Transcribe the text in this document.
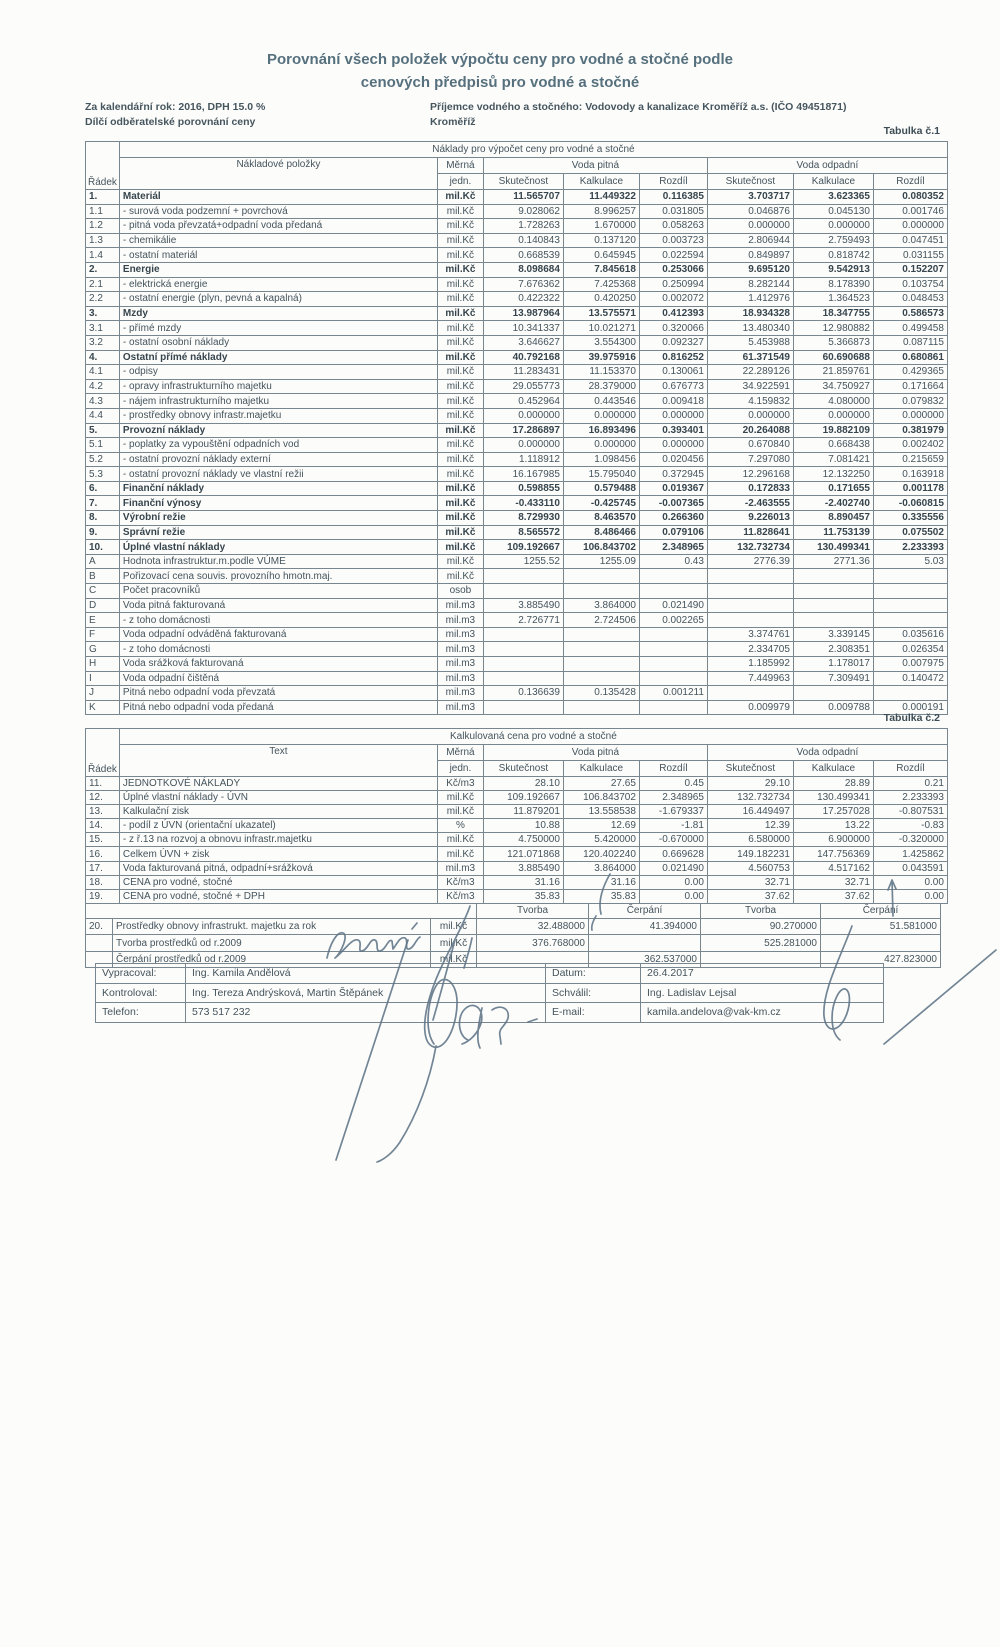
Porovnání všech položek výpočtu ceny pro vodné a stočné podle
cenových předpisů pro vodné a stočné
Za kalendářní rok: 2016, DPH 15.0 %
Dílčí odběratelské porovnání ceny
Příjemce vodného a stočného: Vodovody a kanalizace Kroměříž a.s. (IČO 49451871)
Kroměříž
Tabulka č.1
Řádek	Náklady pro výpočet ceny pro vodné a stočné							
	Nákladové položky	Měrná	Voda pitná			Voda odpadní		
		jedn.	Skutečnost	Kalkulace	Rozdíl	Skutečnost	Kalkulace	Rozdíl
1.	Materiál	mil.Kč	11.565707	11.449322	0.116385	3.703717	3.623365	0.080352
1.1	- surová voda podzemní + povrchová	mil.Kč	9.028062	8.996257	0.031805	0.046876	0.045130	0.001746
1.2	- pitná voda převzatá+odpadní voda předaná	mil.Kč	1.728263	1.670000	0.058263	0.000000	0.000000	0.000000
1.3	- chemikálie	mil.Kč	0.140843	0.137120	0.003723	2.806944	2.759493	0.047451
1.4	- ostatní materiál	mil.Kč	0.668539	0.645945	0.022594	0.849897	0.818742	0.031155
2.	Energie	mil.Kč	8.098684	7.845618	0.253066	9.695120	9.542913	0.152207
2.1	- elektrická energie	mil.Kč	7.676362	7.425368	0.250994	8.282144	8.178390	0.103754
2.2	- ostatní energie (plyn, pevná a kapalná)	mil.Kč	0.422322	0.420250	0.002072	1.412976	1.364523	0.048453
3.	Mzdy	mil.Kč	13.987964	13.575571	0.412393	18.934328	18.347755	0.586573
3.1	- přímé mzdy	mil.Kč	10.341337	10.021271	0.320066	13.480340	12.980882	0.499458
3.2	- ostatní osobní náklady	mil.Kč	3.646627	3.554300	0.092327	5.453988	5.366873	0.087115
4.	Ostatní přímé náklady	mil.Kč	40.792168	39.975916	0.816252	61.371549	60.690688	0.680861
4.1	- odpisy	mil.Kč	11.283431	11.153370	0.130061	22.289126	21.859761	0.429365
4.2	- opravy infrastrukturního majetku	mil.Kč	29.055773	28.379000	0.676773	34.922591	34.750927	0.171664
4.3	- nájem infrastrukturního majetku	mil.Kč	0.452964	0.443546	0.009418	4.159832	4.080000	0.079832
4.4	- prostředky obnovy infrastr.majetku	mil.Kč	0.000000	0.000000	0.000000	0.000000	0.000000	0.000000
5.	Provozní náklady	mil.Kč	17.286897	16.893496	0.393401	20.264088	19.882109	0.381979
5.1	- poplatky za vypouštění odpadních vod	mil.Kč	0.000000	0.000000	0.000000	0.670840	0.668438	0.002402
5.2	- ostatní provozní náklady externí	mil.Kč	1.118912	1.098456	0.020456	7.297080	7.081421	0.215659
5.3	- ostatní provozní náklady ve vlastní režii	mil.Kč	16.167985	15.795040	0.372945	12.296168	12.132250	0.163918
6.	Finanční náklady	mil.Kč	0.598855	0.579488	0.019367	0.172833	0.171655	0.001178
7.	Finanční výnosy	mil.Kč	-0.433110	-0.425745	-0.007365	-2.463555	-2.402740	-0.060815
8.	Výrobní režie	mil.Kč	8.729930	8.463570	0.266360	9.226013	8.890457	0.335556
9.	Správní režie	mil.Kč	8.565572	8.486466	0.079106	11.828641	11.753139	0.075502
10.	Úplné vlastní náklady	mil.Kč	109.192667	106.843702	2.348965	132.732734	130.499341	2.233393
A	Hodnota infrastruktur.m.podle VÚME	mil.Kč	1255.52	1255.09	0.43	2776.39	2771.36	5.03
B	Pořizovací cena souvis. provozního hmotn.maj.	mil.Kč						
C	Počet pracovníků	osob						
D	Voda pitná fakturovaná	mil.m3	3.885490	3.864000	0.021490			
E	- z toho domácnosti	mil.m3	2.726771	2.724506	0.002265			
F	Voda odpadní odváděná fakturovaná	mil.m3				3.374761	3.339145	0.035616
G	- z toho domácnosti	mil.m3				2.334705	2.308351	0.026354
H	Voda srážková fakturovaná	mil.m3				1.185992	1.178017	0.007975
I	Voda odpadní čištěná	mil.m3				7.449963	7.309491	0.140472
J	Pitná nebo odpadní voda převzatá	mil.m3	0.136639	0.135428	0.001211			
K	Pitná nebo odpadní voda předaná	mil.m3				0.009979	0.009788	0.000191
Tabulka č.2
Řádek	Kalkulovaná cena pro vodné a stočné							
	Text	Měrná	Voda pitná			Voda odpadní		
		jedn.	Skutečnost	Kalkulace	Rozdíl	Skutečnost	Kalkulace	Rozdíl
11.	JEDNOTKOVÉ NÁKLADY	Kč/m3	28.10	27.65	0.45	29.10	28.89	0.21
12.	Úplné vlastní náklady - ÚVN	mil.Kč	109.192667	106.843702	2.348965	132.732734	130.499341	2.233393
13.	Kalkulační zisk	mil.Kč	11.879201	13.558538	-1.679337	16.449497	17.257028	-0.807531
14.	- podíl z ÚVN (orientační ukazatel)	%	10.88	12.69	-1.81	12.39	13.22	-0.83
15.	- z ř.13 na rozvoj a obnovu infrastr.majetku	mil.Kč	4.750000	5.420000	-0.670000	6.580000	6.900000	-0.320000
16.	Celkem ÚVN + zisk	mil.Kč	121.071868	120.402240	0.669628	149.182231	147.756369	1.425862
17.	Voda fakturovaná pitná, odpadní+srážková	mil.m3	3.885490	3.864000	0.021490	4.560753	4.517162	0.043591
18.	CENA pro vodné, stočné	Kč/m3	31.16	31.16	0.00	32.71	32.71	0.00
19.	CENA pro vodné, stočné + DPH	Kč/m3	35.83	35.83	0.00	37.62	37.62	0.00
			Tvorba	Čerpání	Tvorba	Čerpání
20.	Prostředky obnovy infrastrukt. majetku za rok	mil.Kč	32.488000	41.394000	90.270000	51.581000
	Tvorba prostředků od r.2009	mil.Kč	376.768000		525.281000	
	Čerpání prostředků od r.2009	mil.Kč		362.537000		427.823000
Vypracoval:	Ing. Kamila Andělová	Datum:	26.4.2017
Kontroloval:	Ing. Tereza Andrýsková, Martin Štěpánek	Schválil:	Ing. Ladislav Lejsal
Telefon:	573 517 232	E-mail:	kamila.andelova@vak-km.cz
